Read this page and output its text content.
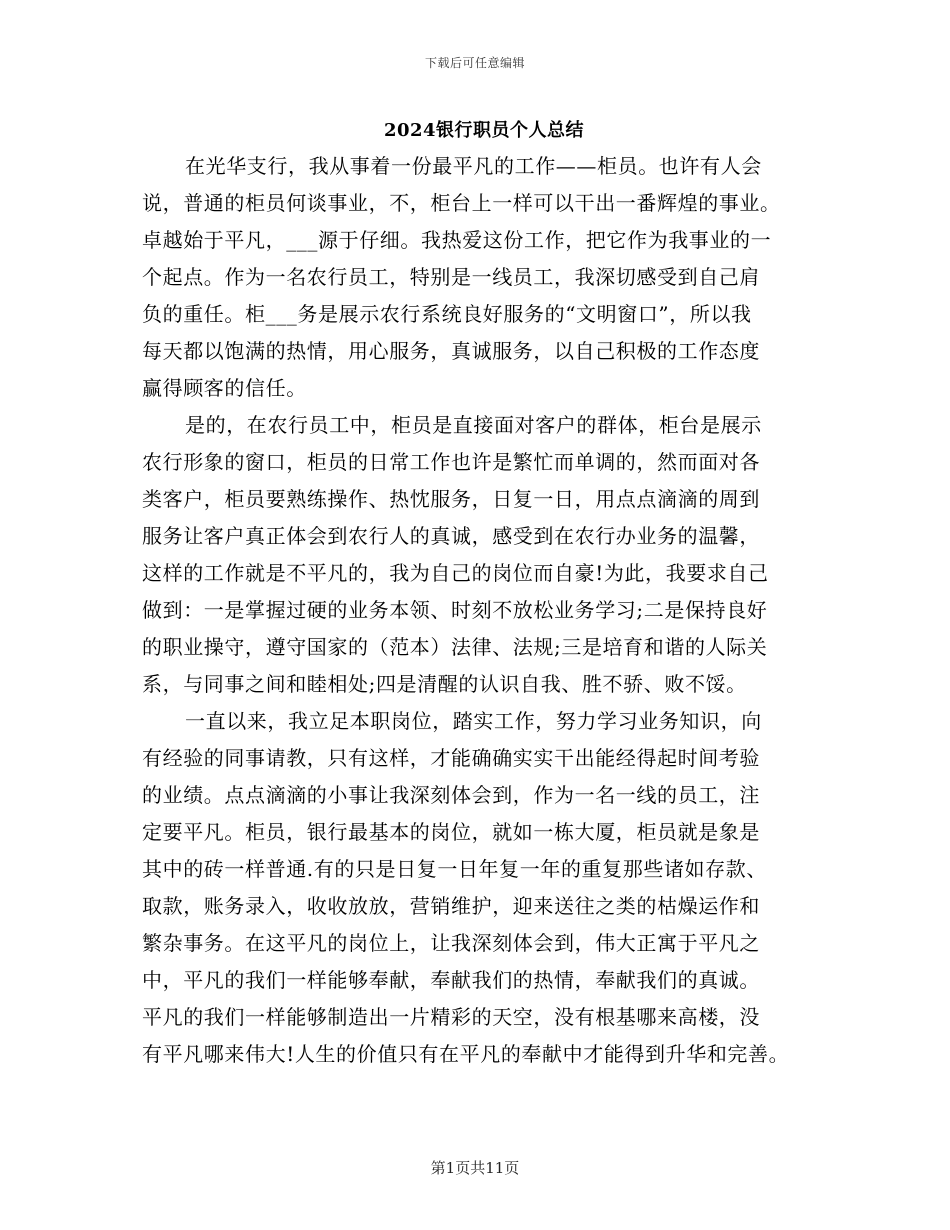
下载后可任意编辑
2024银行职员个人总结
在光华支行，我从事着一份最平凡的工作——柜员。也许有人会
说，普通的柜员何谈事业，不，柜台上一样可以干出一番辉煌的事业。
卓越始于平凡，___源于仔细。我热爱这份工作，把它作为我事业的一
个起点。作为一名农行员工，特别是一线员工，我深切感受到自己肩
负的重任。柜___务是展示农行系统良好服务的“文明窗口”，所以我
每天都以饱满的热情，用心服务，真诚服务，以自己积极的工作态度
赢得顾客的信任。
是的，在农行员工中，柜员是直接面对客户的群体，柜台是展示
农行形象的窗口，柜员的日常工作也许是繁忙而单调的，然而面对各
类客户，柜员要熟练操作、热忱服务，日复一日，用点点滴滴的周到
服务让客户真正体会到农行人的真诚，感受到在农行办业务的温馨，
这样的工作就是不平凡的，我为自己的岗位而自豪!为此，我要求自己
做到：一是掌握过硬的业务本领、时刻不放松业务学习;二是保持良好
的职业操守，遵守国家的（范本）法律、法规;三是培育和谐的人际关
系，与同事之间和睦相处;四是清醒的认识自我、胜不骄、败不馁。
一直以来，我立足本职岗位，踏实工作，努力学习业务知识，向
有经验的同事请教，只有这样，才能确确实实干出能经得起时间考验
的业绩。点点滴滴的小事让我深刻体会到，作为一名一线的员工，注
定要平凡。柜员，银行最基本的岗位，就如一栋大厦，柜员就是象是
其中的砖一样普通.有的只是日复一日年复一年的重复那些诸如存款、
取款，账务录入，收收放放，营销维护，迎来送往之类的枯燥运作和
繁杂事务。在这平凡的岗位上，让我深刻体会到，伟大正寓于平凡之
中，平凡的我们一样能够奉献，奉献我们的热情，奉献我们的真诚。
平凡的我们一样能够制造出一片精彩的天空，没有根基哪来高楼，没
有平凡哪来伟大!人生的价值只有在平凡的奉献中才能得到升华和完善。
第1页共11页
